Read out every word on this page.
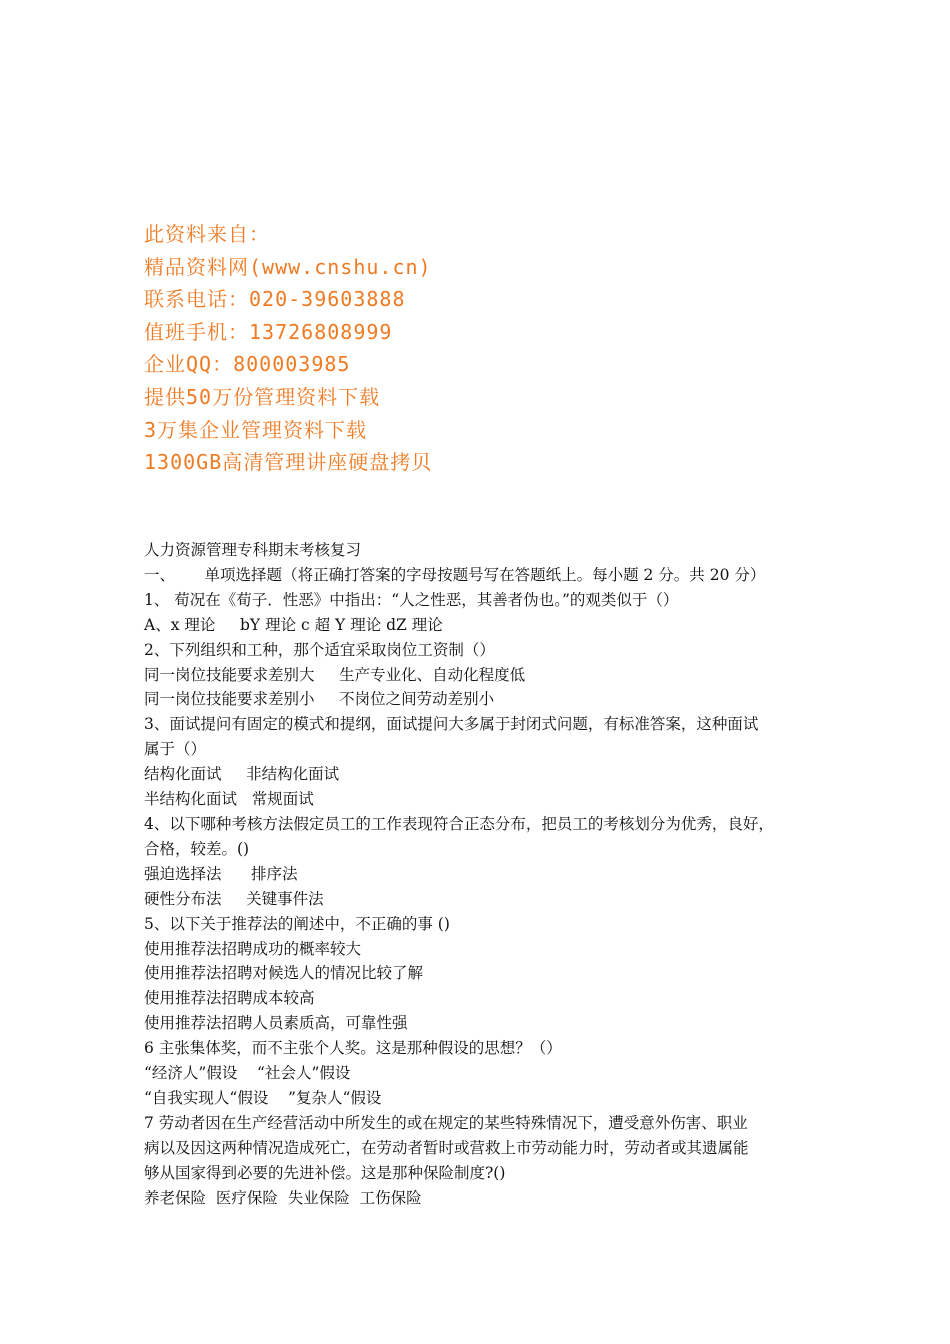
此资料来自：
精品资料网(www.cnshu.cn)
联系电话：020-39603888
值班手机：13726808999
企业QQ：800003985
提供50万份管理资料下载
3万集企业管理资料下载
1300GB高清管理讲座硬盘拷贝

人力资源管理专科期末考核复习

一、      单项选择题（将正确打答案的字母按题号写在答题纸上。每小题 2 分。共 20 分）

1、 荀况在《荀子．性恶》中指出：“人之性恶，其善者伪也。”的观类似于（）

A、x 理论     bY 理论 c 超 Y 理论 dZ 理论

2、下列组织和工种，那个适宜采取岗位工资制（）

同一岗位技能要求差别大     生产专业化、自动化程度低

同一岗位技能要求差别小     不岗位之间劳动差别小

3、面试提问有固定的模式和提纲，面试提问大多属于封闭式问题，有标准答案，这种面试

属于（）

结构化面试     非结构化面试

半结构化面试   常规面试

4、以下哪种考核方法假定员工的工作表现符合正态分布，把员工的考核划分为优秀，良好，

合格，较差。()

强迫选择法      排序法

硬性分布法     关键事件法

5、以下关于推荐法的阐述中，不正确的事 ()

使用推荐法招聘成功的概率较大

使用推荐法招聘对候选人的情况比较了解

使用推荐法招聘成本较高

使用推荐法招聘人员素质高，可靠性强

6 主张集体奖，而不主张个人奖。这是那种假设的思想？（）

“经济人”假设    “社会人”假设

“自我实现人“假设    ”复杂人“假设

7 劳动者因在生产经营活动中所发生的或在规定的某些特殊情况下，遭受意外伤害、职业

病以及因这两种情况造成死亡，在劳动者暂时或营救上市劳动能力时，劳动者或其遗属能

够从国家得到必要的先进补偿。这是那种保险制度?()

养老保险  医疗保险  失业保险  工伤保险
